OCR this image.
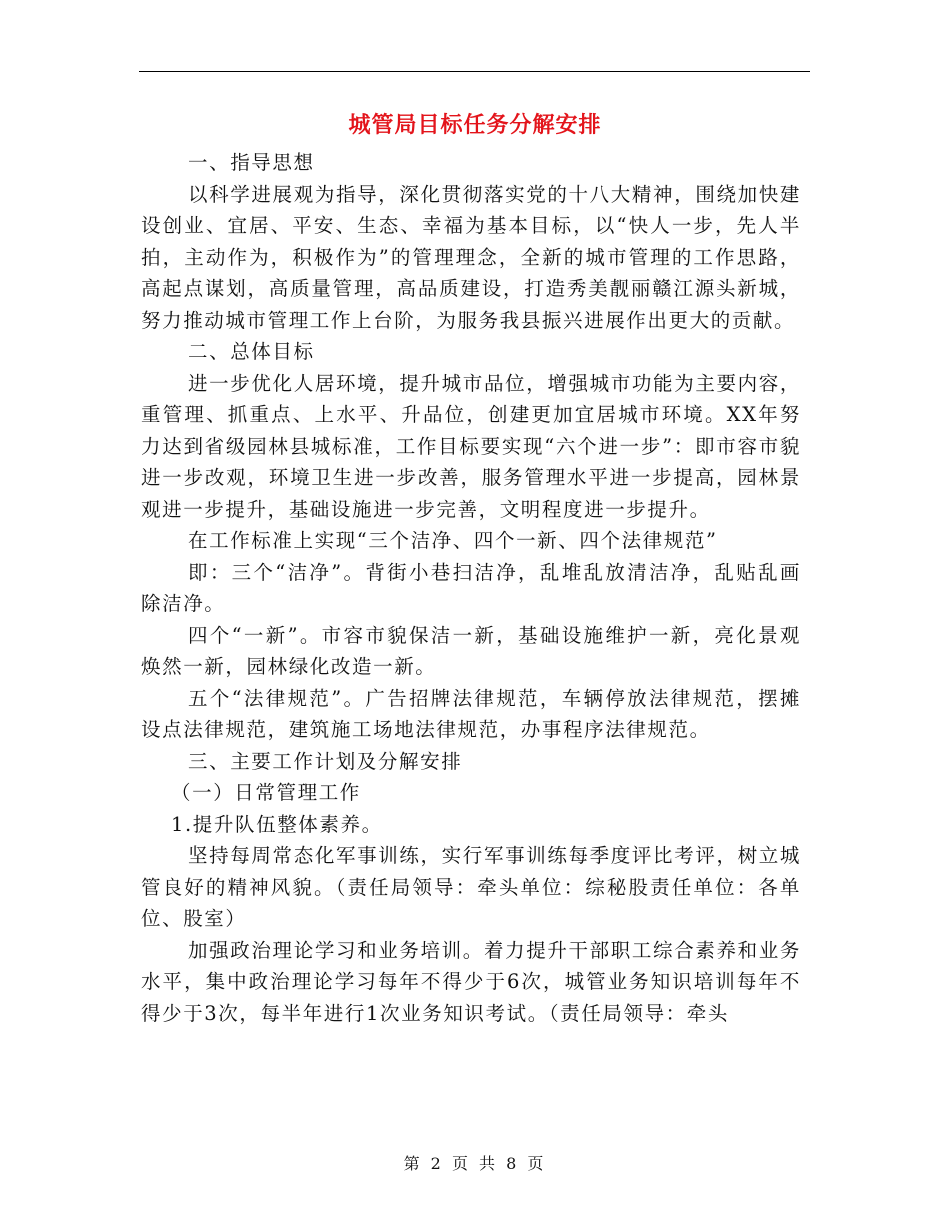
城管局目标任务分解安排

一、指导思想

以科学进展观为指导，深化贯彻落实党的十八大精神，围绕加快建设创业、宜居、平安、生态、幸福为基本目标，以“快人一步，先人半拍，主动作为，积极作为”的管理理念，全新的城市管理的工作思路，高起点谋划，高质量管理，高品质建设，打造秀美靓丽赣江源头新城，努力推动城市管理工作上台阶，为服务我县振兴进展作出更大的贡献。

二、总体目标

进一步优化人居环境，提升城市品位，增强城市功能为主要内容，重管理、抓重点、上水平、升品位，创建更加宜居城市环境。XX年努力达到省级园林县城标准，工作目标要实现“六个进一步”：即市容市貌进一步改观，环境卫生进一步改善，服务管理水平进一步提高，园林景观进一步提升，基础设施进一步完善，文明程度进一步提升。

在工作标准上实现“三个洁净、四个一新、四个法律规范”

即：三个“洁净”。背街小巷扫洁净，乱堆乱放清洁净，乱贴乱画除洁净。

四个“一新”。市容市貌保洁一新，基础设施维护一新，亮化景观焕然一新，园林绿化改造一新。

五个“法律规范”。广告招牌法律规范，车辆停放法律规范，摆摊设点法律规范，建筑施工场地法律规范，办事程序法律规范。

三、主要工作计划及分解安排

（一）日常管理工作

1.提升队伍整体素养。

坚持每周常态化军事训练，实行军事训练每季度评比考评，树立城管良好的精神风貌。（责任局领导：牵头单位：综秘股责任单位：各单位、股室）

加强政治理论学习和业务培训。着力提升干部职工综合素养和业务水平，集中政治理论学习每年不得少于6次，城管业务知识培训每年不得少于3次，每半年进行1次业务知识考试。（责任局领导：牵头

第 2 页 共 8 页
